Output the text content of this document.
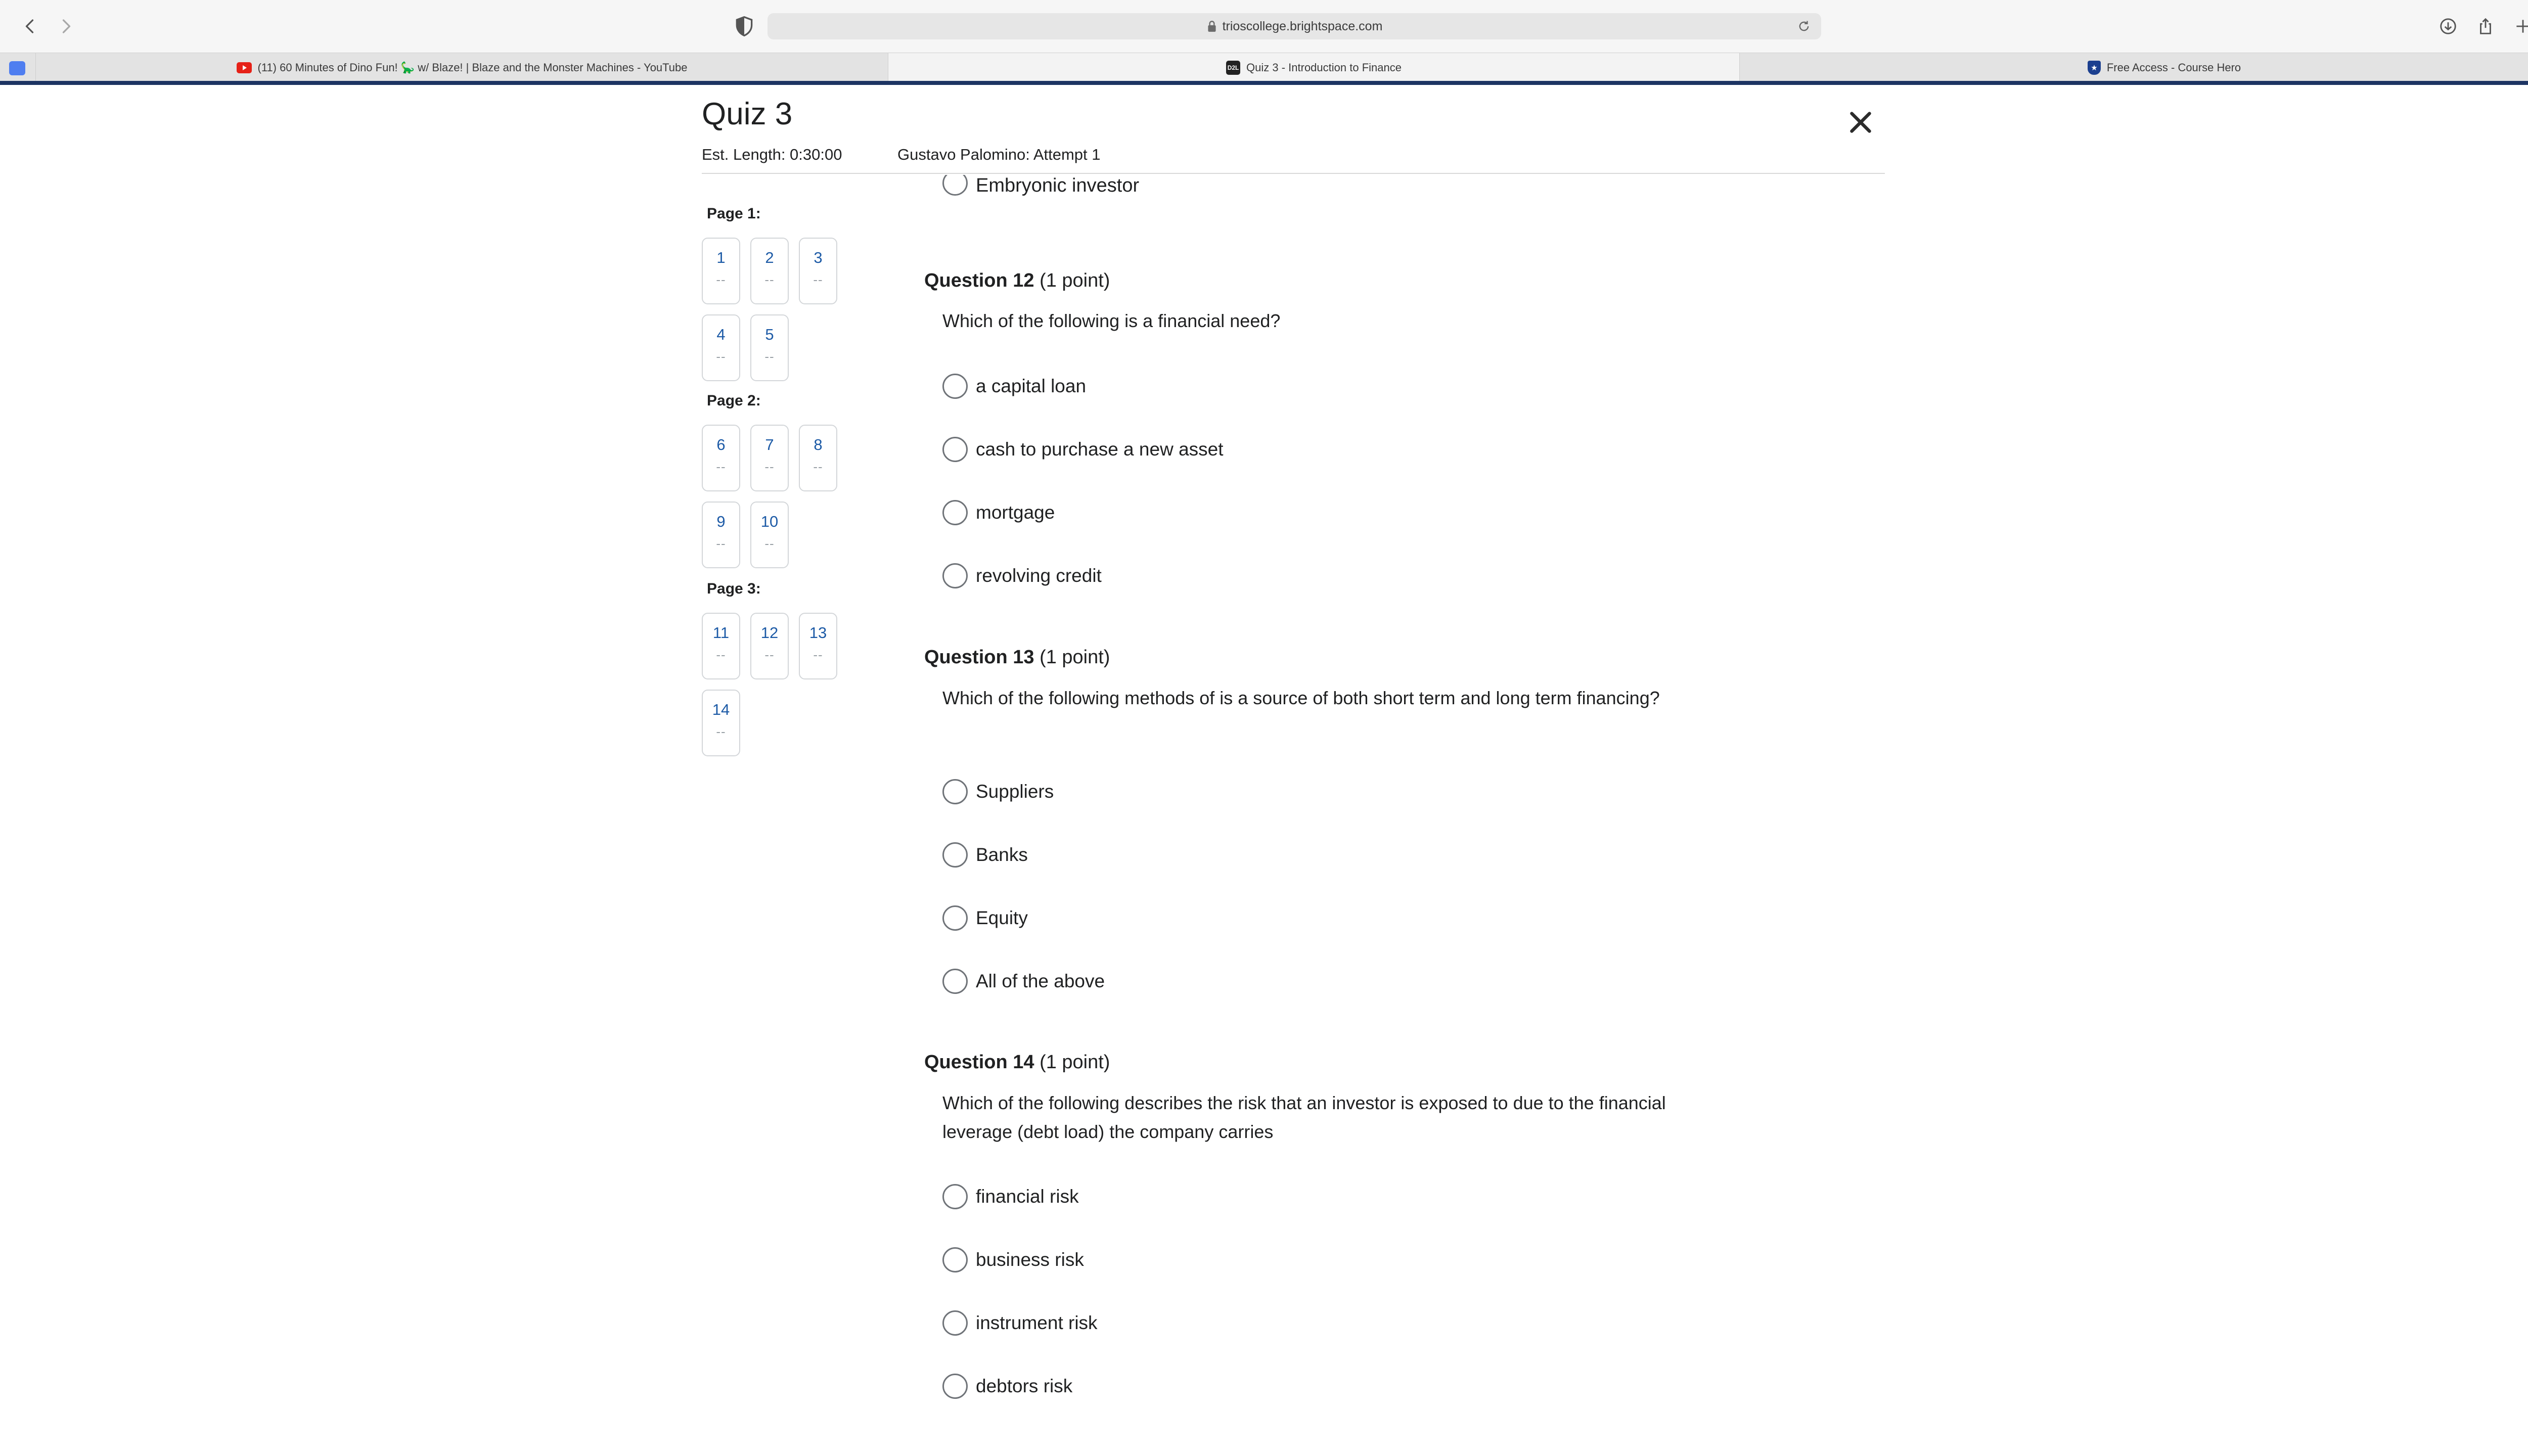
trioscollege.brightspace.com
(11) 60 Minutes of Dino Fun! 🦕 w/ Blaze! | Blaze and the Monster Machines - YouTube	D2L Quiz 3 - Introduction to Finance	Free Access - Course Hero
Quiz 3
Est. Length: 0:30:00	Gustavo Palomino: Attempt 1
Page 1:
1
--
2
--
3
--
4
--
5
--
Page 2:
6
--
7
--
8
--
9
--
10
--
Page 3:
11
--
12
--
13
--
14
--
Embryonic investor
Question 12 (1 point)
Which of the following is a financial need?
a capital loan
cash to purchase a new asset
mortgage
revolving credit
Question 13 (1 point)
Which of the following methods of is a source of both short term and long term financing?
Suppliers
Banks
Equity
All of the above
Question 14 (1 point)
Which of the following describes the risk that an investor is exposed to due to the financial leverage (debt load) the company carries
financial risk
business risk
instrument risk
debtors risk
